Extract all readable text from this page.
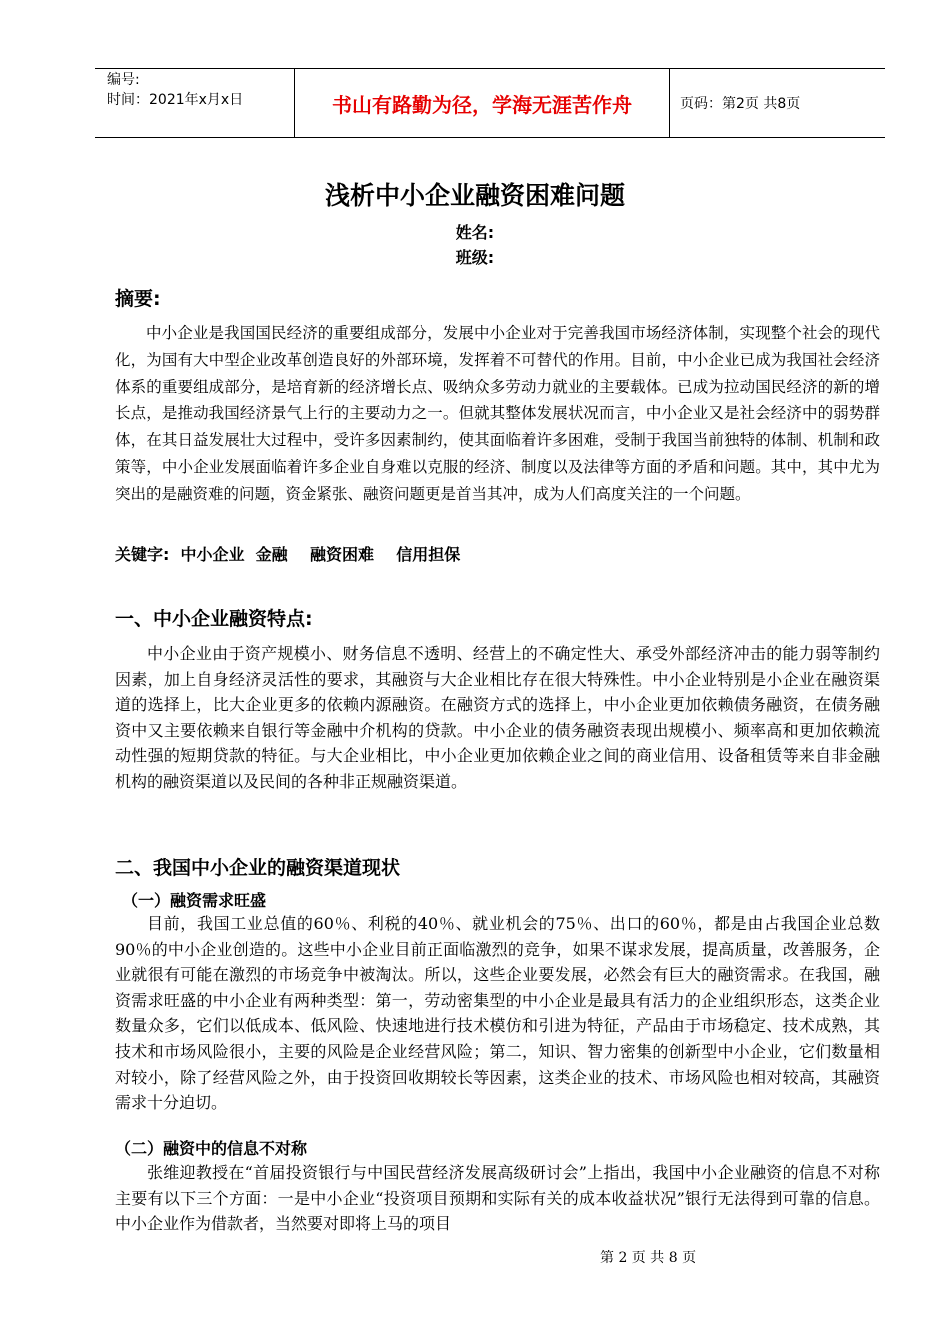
编号:
时间：2021年x月x日	书山有路勤为径，学海无涯苦作舟	页码：第2页 共8页
浅析中小企业融资困难问题
姓名:
班级:
摘要:

中小企业是我国国民经济的重要组成部分，发展中小企业对于完善我国市场经济体制，实现整个社会的现代化，为国有大中型企业改革创造良好的外部环境，发挥着不可替代的作用。目前，中小企业已成为我国社会经济体系的重要组成部分，是培育新的经济增长点、吸纳众多劳动力就业的主要载体。已成为拉动国民经济的新的增长点，是推动我国经济景气上行的主要动力之一。但就其整体发展状况而言，中小企业又是社会经济中的弱势群体，在其日益发展壮大过程中，受许多因素制约，使其面临着许多困难，受制于我国当前独特的体制、机制和政策等，中小企业发展面临着许多企业自身难以克服的经济、制度以及法律等方面的矛盾和问题。其中，其中尤为突出的是融资难的问题，资金紧张、融资问题更是首当其冲，成为人们高度关注的一个问题。

关键字:  中小企业  金融    融资困难    信用担保
一、中小企业融资特点:

中小企业由于资产规模小、财务信息不透明、经营上的不确定性大、承受外部经济冲击的能力弱等制约因素，加上自身经济灵活性的要求，其融资与大企业相比存在很大特殊性。中小企业特别是小企业在融资渠道的选择上，比大企业更多的依赖内源融资。在融资方式的选择上，中小企业更加依赖债务融资，在债务融资中又主要依赖来自银行等金融中介机构的贷款。中小企业的债务融资表现出规模小、频率高和更加依赖流动性强的短期贷款的特征。与大企业相比，中小企业更加依赖企业之间的商业信用、设备租赁等来自非金融机构的融资渠道以及民间的各种非正规融资渠道。

二、我国中小企业的融资渠道现状
（一）融资需求旺盛

目前，我国工业总值的60％、利税的40％、就业机会的75％、出口的60％，都是由占我国企业总数90％的中小企业创造的。这些中小企业目前正面临激烈的竞争，如果不谋求发展，提高质量，改善服务，企业就很有可能在激烈的市场竞争中被淘汰。所以，这些企业要发展，必然会有巨大的融资需求。在我国，融资需求旺盛的中小企业有两种类型：第一，劳动密集型的中小企业是最具有活力的企业组织形态，这类企业数量众多，它们以低成本、低风险、快速地进行技术模仿和引进为特征，产品由于市场稳定、技术成熟，其技术和市场风险很小，主要的风险是企业经营风险；第二，知识、智力密集的创新型中小企业，它们数量相对较小，除了经营风险之外，由于投资回收期较长等因素，这类企业的技术、市场风险也相对较高，其融资需求十分迫切。

（二）融资中的信息不对称

张维迎教授在“首届投资银行与中国民营经济发展高级研讨会”上指出，我国中小企业融资的信息不对称主要有以下三个方面：一是中小企业“投资项目预期和实际有关的成本收益状况”银行无法得到可靠的信息。中小企业作为借款者，当然要对即将上马的项目

第 2 页 共 8 页
